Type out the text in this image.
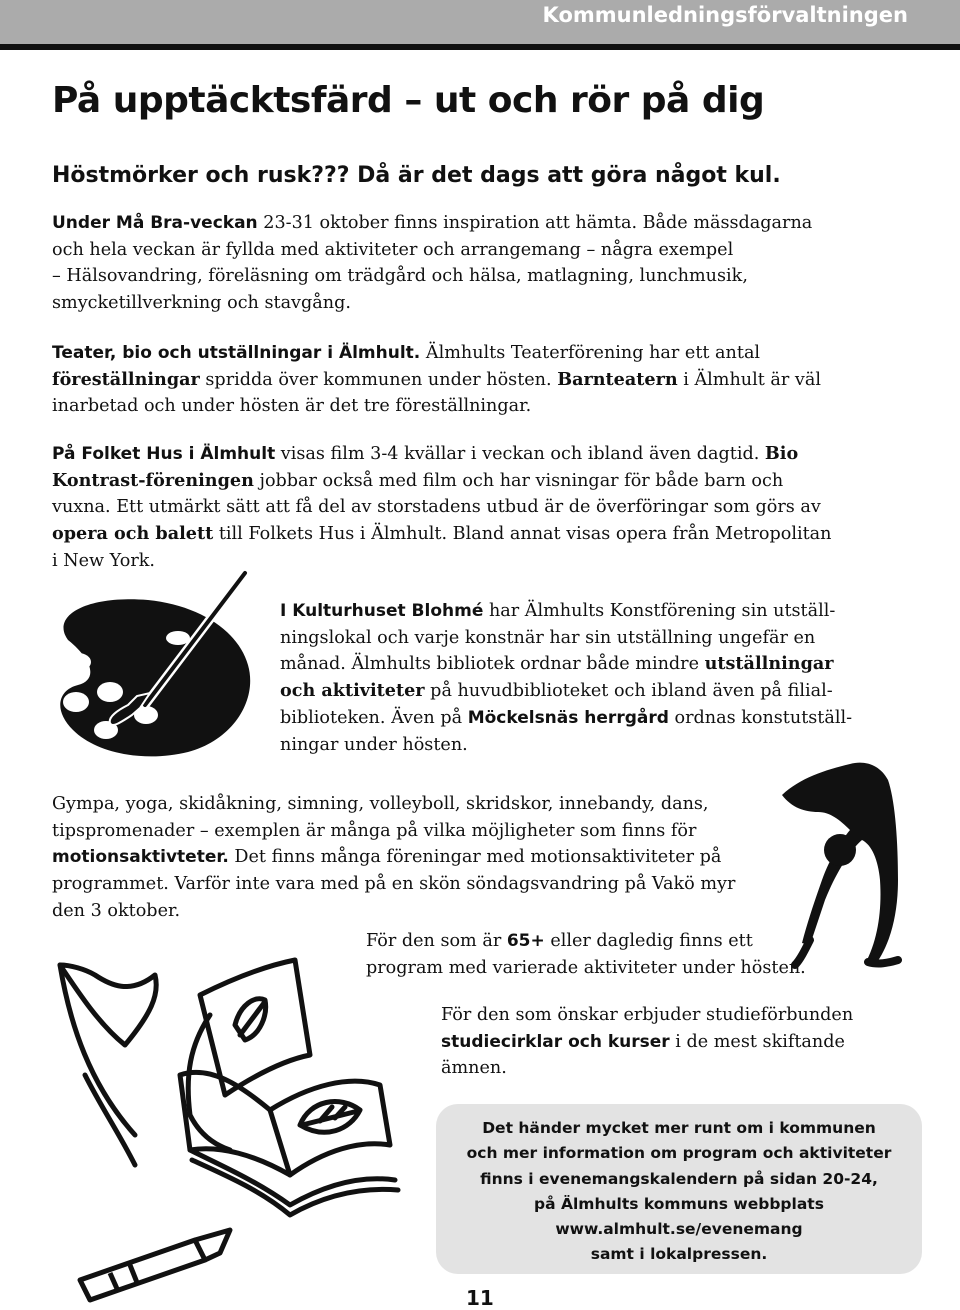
Kommunledningsförvaltningen
På upptäcktsfärd – ut och rör på dig
Höstmörker och rusk??? Då är det dags att göra något kul.
Under Må Bra-veckan 23-31 oktober finns inspiration att hämta. Både mässdagarna
och hela veckan är fyllda med aktiviteter och arrangemang – några exempel
– Hälsovandring, föreläsning om trädgård och hälsa, matlagning, lunchmusik,
smycketillverkning och stavgång.
Teater, bio och utställningar i Älmhult. Älmhults Teaterförening har ett antal
föreställningar spridda över kommunen under hösten. Barnteatern i Älmhult är väl
inarbetad och under hösten är det tre föreställningar.
På Folket Hus i Älmhult visas film 3-4 kvällar i veckan och ibland även dagtid. Bio
Kontrast-föreningen jobbar också med film och har visningar för både barn och
vuxna. Ett utmärkt sätt att få del av storstadens utbud är de överföringar som görs av
opera och balett till Folkets Hus i Älmhult. Bland annat visas opera från Metropolitan
i New York.
I Kulturhuset Blohmé har Älmhults Konstförening sin utställ-
ningslokal och varje konstnär har sin utställning ungefär en
månad. Älmhults bibliotek ordnar både mindre utställningar
och aktiviteter på huvudbiblioteket och ibland även på filial-
biblioteken. Även på Möckelsnäs herrgård ordnas konstutställ-
ningar under hösten.
Gympa, yoga, skidåkning, simning, volleyboll, skridskor, innebandy, dans,
tipspromenader – exemplen är många på vilka möjligheter som finns för
motionsaktivteter. Det finns många föreningar med motionsaktiviteter på
programmet. Varför inte vara med på en skön söndagsvandring på Vakö myr
den 3 oktober.
För den som är 65+ eller dagledig finns ett
program med varierade aktiviteter under hösten.
För den som önskar erbjuder studieförbunden
studiecirklar och kurser i de mest skiftande
ämnen.
Det händer mycket mer runt om i kommunen
och mer information om program och aktiviteter
finns i evenemangskalendern på sidan 20-24,
på Älmhults kommuns webbplats
www.almhult.se/evenemang
samt i lokalpressen.
11
